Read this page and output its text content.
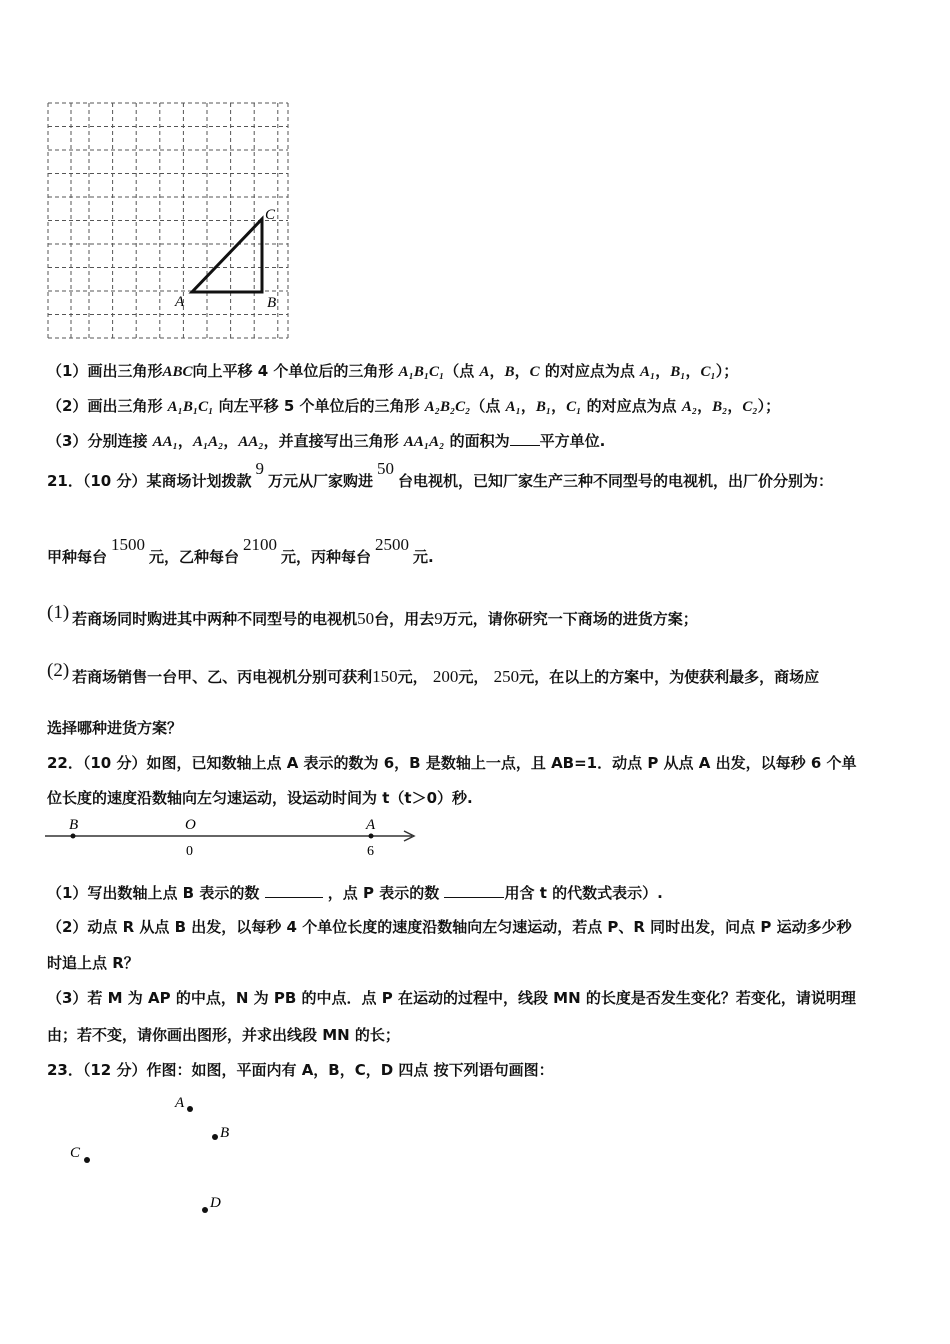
A	B
C
（1）画出三角形ABC向上平移 4 个单位后的三角形 A₁B₁C₁（点 A，B，C 的对应点为点 A₁，B₁，C₁）；
（2）画出三角形 A₁B₁C₁ 向左平移 5 个单位后的三角形 A₂B₂C₂（点 A₁，B₁，C₁ 的对应点为点 A₂，B₂，C₂）；
（3）分别连接 AA₁，A₁A₂，AA₂，并直接写出三角形 AA₁A₂ 的面积为 平方单位.
21．（10 分）某商场计划拨款9万元从厂家购进50台电视机，已知厂家生产三种不同型号的电视机，出厂价分别为：
甲种每台1500元，乙种每台2100元，丙种每台2500元.
(1) 若商场同时购进其中两种不同型号的电视机50台，用去9万元，请你研究一下商场的进货方案；
(2) 若商场销售一台甲、乙、丙电视机分别可获利150元， 200元， 250元，在以上的方案中，为使获利最多，商场应
选择哪种进货方案？
22．（10 分）如图，已知数轴上点 A 表示的数为 6，B 是数轴上一点，且 AB=1．动点 P 从点 A 出发，以每秒 6 个单
位长度的速度沿数轴向左匀速运动，设运动时间为 t（t＞0）秒.
B	O	A
0	6
（1）写出数轴上点 B 表示的数	，点 P 表示的数	用含 t 的代数式表示）.
（2）动点 R 从点 B 出发，以每秒 4 个单位长度的速度沿数轴向左匀速运动，若点 P、R 同时出发，问点 P 运动多少秒
时追上点 R？
（3）若 M 为 AP 的中点，N 为 PB 的中点．点 P 在运动的过程中，线段 MN 的长度是否发生变化？若变化，请说明理
由；若不变，请你画出图形，并求出线段 MN 的长；
23．（12 分）作图：如图，平面内有 A，B，C，D 四点 按下列语句画图：
A
B
C
D
